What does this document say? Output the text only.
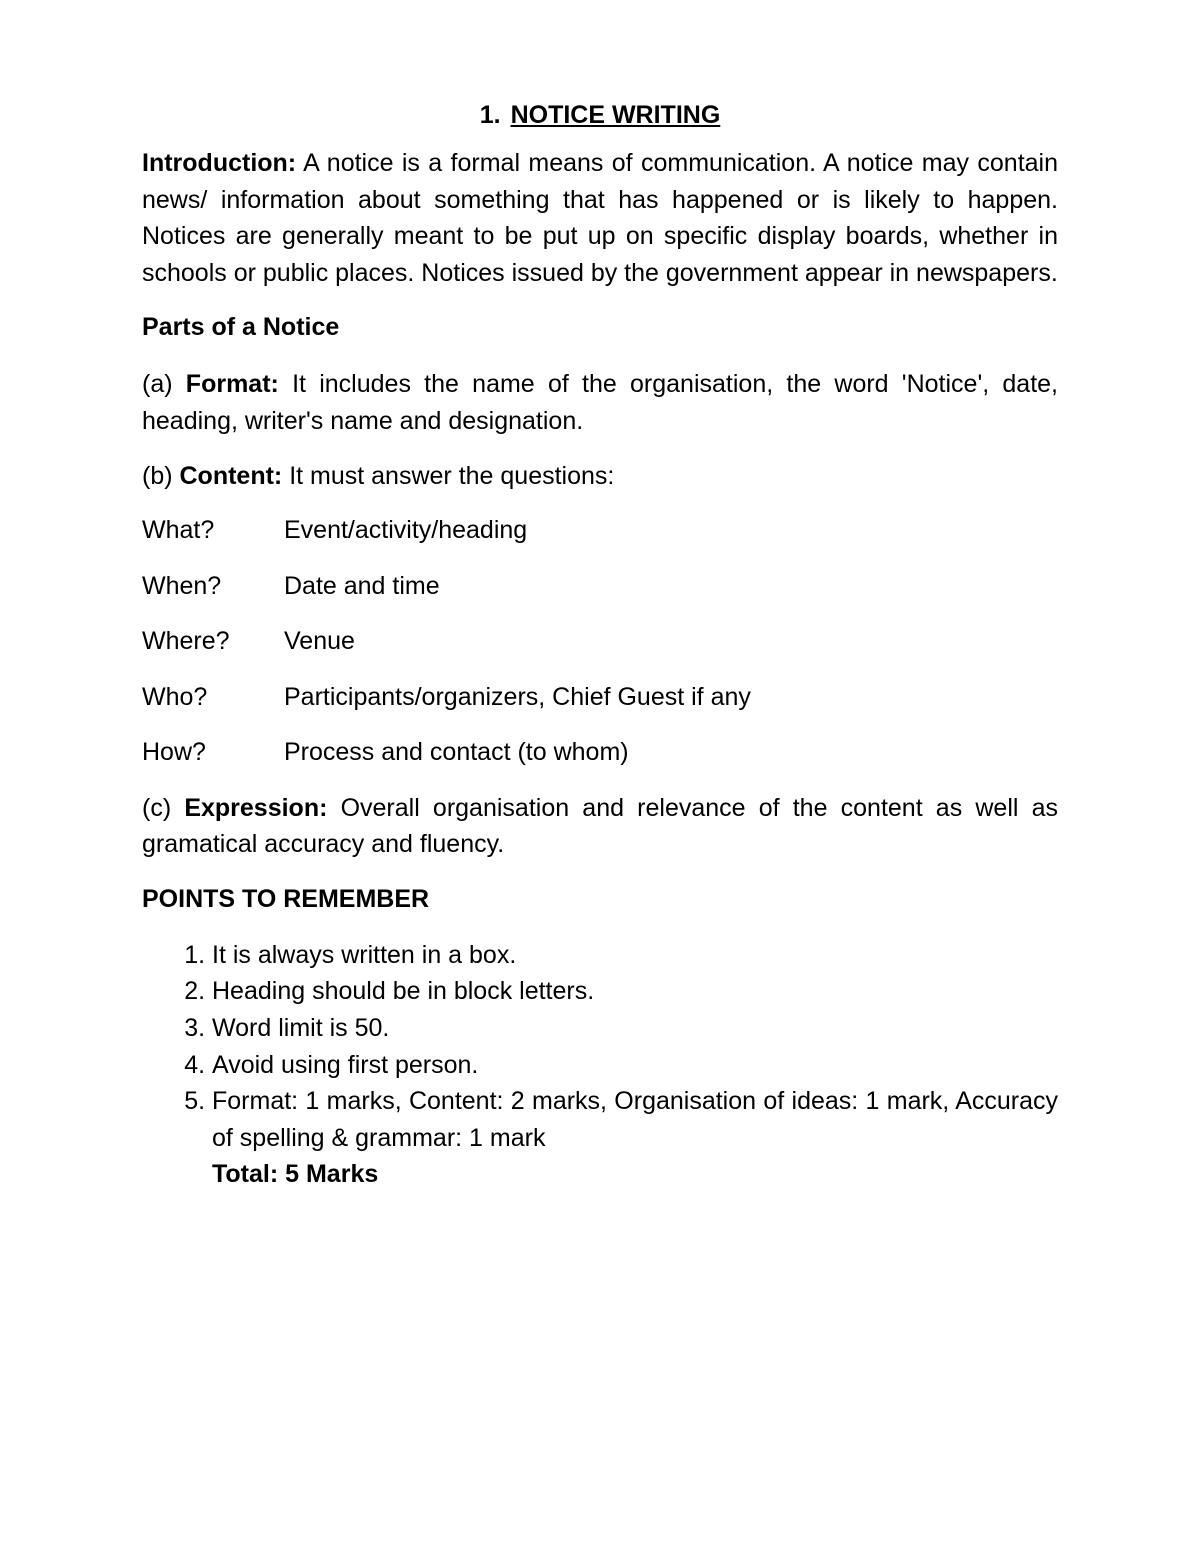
1. NOTICE WRITING

Introduction: A notice is a formal means of communication. A notice may contain news/ information about something that has happened or is likely to happen. Notices are generally meant to be put up on specific display boards, whether in schools or public places. Notices issued by the government appear in newspapers.

Parts of a Notice

(a) Format: It includes the name of the organisation, the word 'Notice', date, heading, writer's name and designation.

(b) Content: It must answer the questions:

What?	Event/activity/heading
When?	Date and time
Where?	Venue
Who?	Participants/organizers, Chief Guest if any
How?	Process and contact (to whom)

(c) Expression: Overall organisation and relevance of the content as well as gramatical accuracy and fluency.

POINTS TO REMEMBER

1. It is always written in a box.
2. Heading should be in block letters.
3. Word limit is 50.
4. Avoid using first person.
5. Format: 1 marks, Content: 2 marks, Organisation of ideas: 1 mark, Accuracy of spelling & grammar: 1 mark
Total: 5 Marks
